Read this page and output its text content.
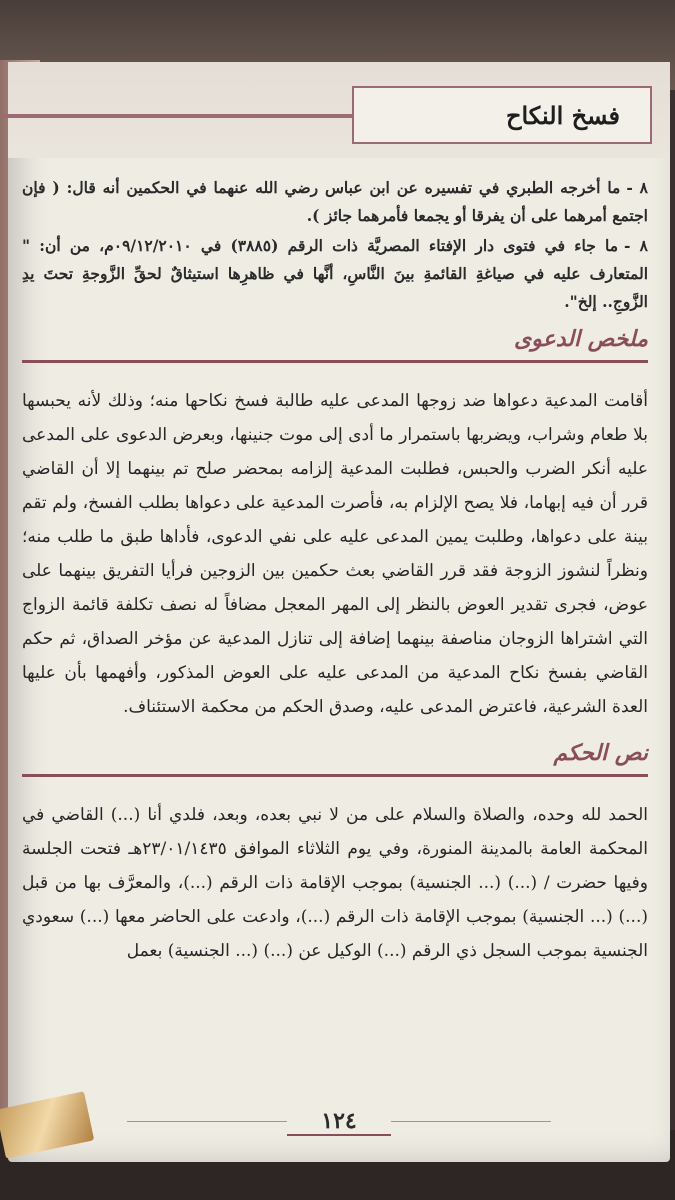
فسخ النكاح

٨ -ما أخرجه الطبري في تفسيره عن ابن عباس رضي الله عنهما في الحكمين أنه قال: ( فإن اجتمع أمرهما على أن يفرقا أو يجمعا فأمرهما جائز ).

٨ -ما جاء في فتوى دار الإفتاء المصريَّة ذات الرقم (٣٨٨٥) في ٠٩/١٢/٢٠١٠م، من أن: " المتعارف عليه في صياغةِ القائمةِ بينَ النَّاسِ، أنَّها في ظاهرِها استيثاقٌ لحقِّ الزَّوجةِ تحتَ يدِ الزَّوجِ.. إلخ".

ملخص الدعوى

أقامت المدعية دعواها ضد زوجها المدعى عليه طالبة فسخ نكاحها منه؛ وذلك لأنه يحبسها بلا طعام وشراب، ويضربها باستمرار ما أدى إلى موت جنينها، وبعرض الدعوى على المدعى عليه أنكر الضرب والحبس، فطلبت المدعية إلزامه بمحضر صلح تم بينهما إلا أن القاضي قرر أن فيه إبهاما، فلا يصح الإلزام به، فأصرت المدعية على دعواها بطلب الفسخ، ولم تقم بينة على دعواها، وطلبت يمين المدعى عليه على نفي الدعوى، فأداها طبق ما طلب منه؛ ونظراً لنشوز الزوجة فقد قرر القاضي بعث حكمين بين الزوجين فرأيا التفريق بينهما على عوض، فجرى تقدير العوض بالنظر إلى المهر المعجل مضافاً له نصف تكلفة قائمة الزواج التي اشتراها الزوجان مناصفة بينهما إضافة إلى تنازل المدعية عن مؤخر الصداق، ثم حكم القاضي بفسخ نكاح المدعية من المدعى عليه على العوض المذكور، وأفهمها بأن عليها العدة الشرعية، فاعترض المدعى عليه، وصدق الحكم من محكمة الاستئناف.

نص الحكم

الحمد لله وحده، والصلاة والسلام على من لا نبي بعده، وبعد، فلدي أنا (...) القاضي في المحكمة العامة بالمدينة المنورة، وفي يوم الثلاثاء الموافق ٢٣/٠١/١٤٣٥هـ فتحت الجلسة وفيها حضرت / (...) (... الجنسية) بموجب الإقامة ذات الرقم (...)، والمعرَّف بها من قبل (...) (... الجنسية) بموجب الإقامة ذات الرقم (...)، وادعت على الحاضر معها (...) سعودي الجنسية بموجب السجل ذي الرقم (...) الوكيل عن (...) (... الجنسية) بعمل

١٢٤
